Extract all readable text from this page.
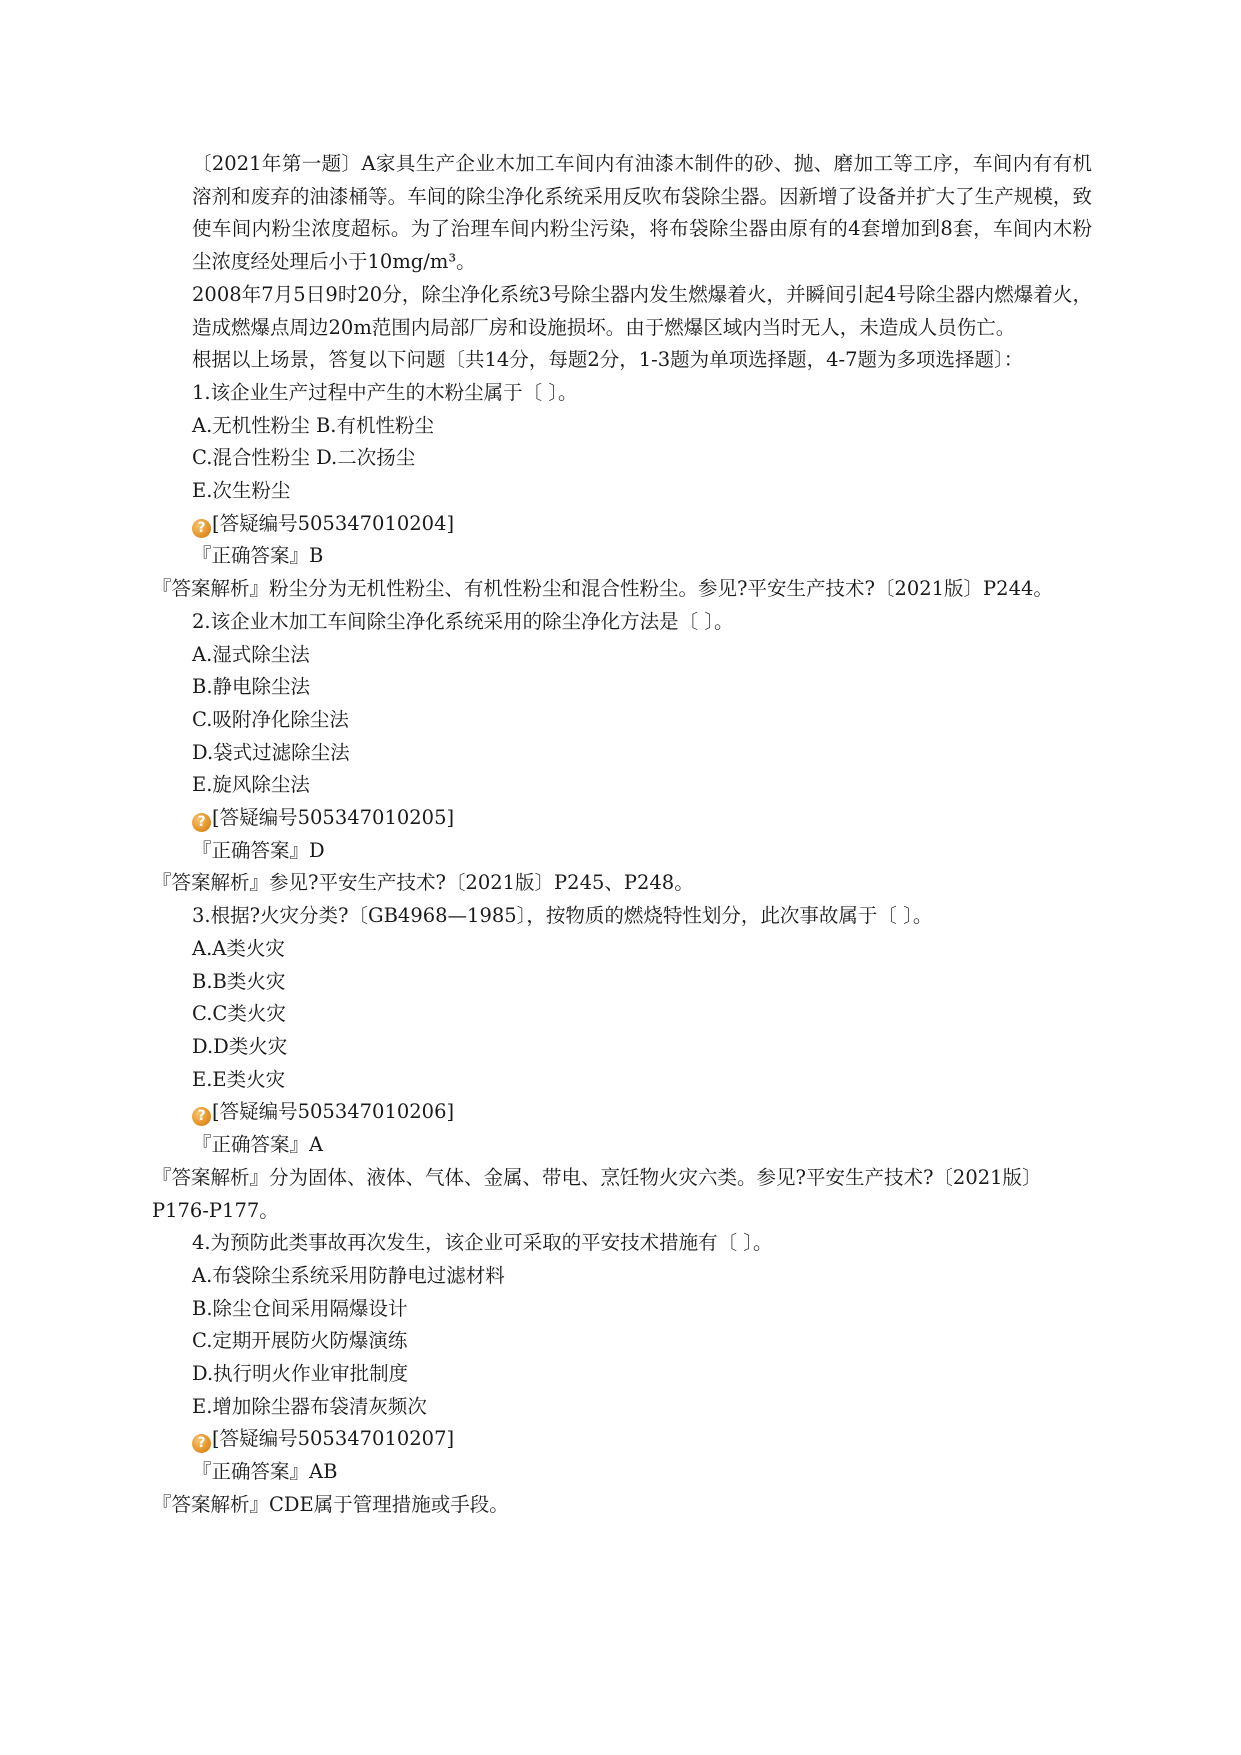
〔2021年第一题〕A家具生产企业木加工车间内有油漆木制件的砂、抛、磨加工等工序，车间内有有机溶剂和废弃的油漆桶等。车间的除尘净化系统采用反吹布袋除尘器。因新增了设备并扩大了生产规模，致使车间内粉尘浓度超标。为了治理车间内粉尘污染，将布袋除尘器由原有的4套增加到8套，车间内木粉尘浓度经处理后小于10mg/m³。

2008年7月5日9时20分，除尘净化系统3号除尘器内发生燃爆着火，并瞬间引起4号除尘器内燃爆着火，造成燃爆点周边20m范围内局部厂房和设施损坏。由于燃爆区域内当时无人，未造成人员伤亡。

根据以上场景，答复以下问题〔共14分，每题2分，1-3题为单项选择题，4-7题为多项选择题〕：

1.该企业生产过程中产生的木粉尘属于〔 〕。

A.无机性粉尘 B.有机性粉尘

C.混合性粉尘 D.二次扬尘

E.次生粉尘

? [答疑编号505347010204]

『正确答案』B

『答案解析』粉尘分为无机性粉尘、有机性粉尘和混合性粉尘。参见?平安生产技术?〔2021版〕P244。

2.该企业木加工车间除尘净化系统采用的除尘净化方法是〔 〕。

A.湿式除尘法

B.静电除尘法

C.吸附净化除尘法

D.袋式过滤除尘法

E.旋风除尘法

? [答疑编号505347010205]

『正确答案』D

『答案解析』参见?平安生产技术?〔2021版〕P245、P248。

3.根据?火灾分类?〔GB4968—1985〕，按物质的燃烧特性划分，此次事故属于〔 〕。

A.A类火灾

B.B类火灾

C.C类火灾

D.D类火灾

E.E类火灾

? [答疑编号505347010206]

『正确答案』A

『答案解析』分为固体、液体、气体、金属、带电、烹饪物火灾六类。参见?平安生产技术?〔2021版〕P176-P177。

4.为预防此类事故再次发生，该企业可采取的平安技术措施有〔 〕。

A.布袋除尘系统采用防静电过滤材料

B.除尘仓间采用隔爆设计

C.定期开展防火防爆演练

D.执行明火作业审批制度

E.增加除尘器布袋清灰频次

? [答疑编号505347010207]

『正确答案』AB

『答案解析』CDE属于管理措施或手段。
